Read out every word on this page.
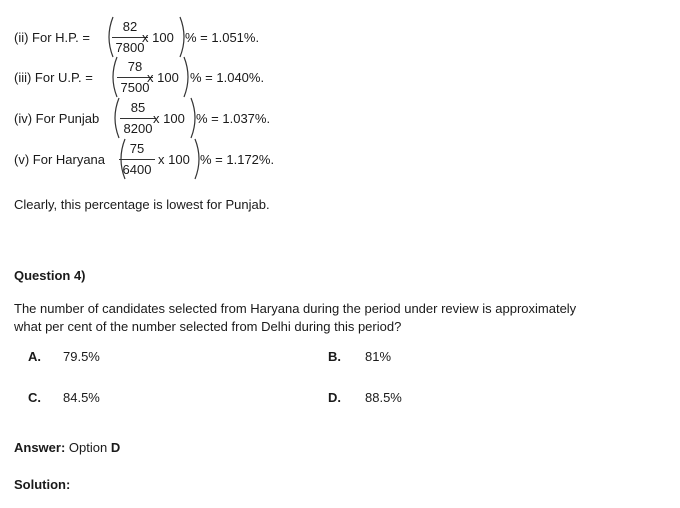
(ii) For H.P. =
82
7800
x 100 % = 1.051%.
(iii) For U.P. =
78
7500
x 100 % = 1.040%.
(iv) For Punjab
85
8200
x 100 % = 1.037%.
(v) For Haryana
75
6400
x 100 % = 1.172%.
Clearly, this percentage is lowest for Punjab.
Question 4)
The number of candidates selected from Haryana during the period under review is approximately
what per cent of the number selected from Delhi during this period?
A. 79.5%	B. 81%
C. 84.5%	D. 88.5%
Answer: Option D
Solution:
